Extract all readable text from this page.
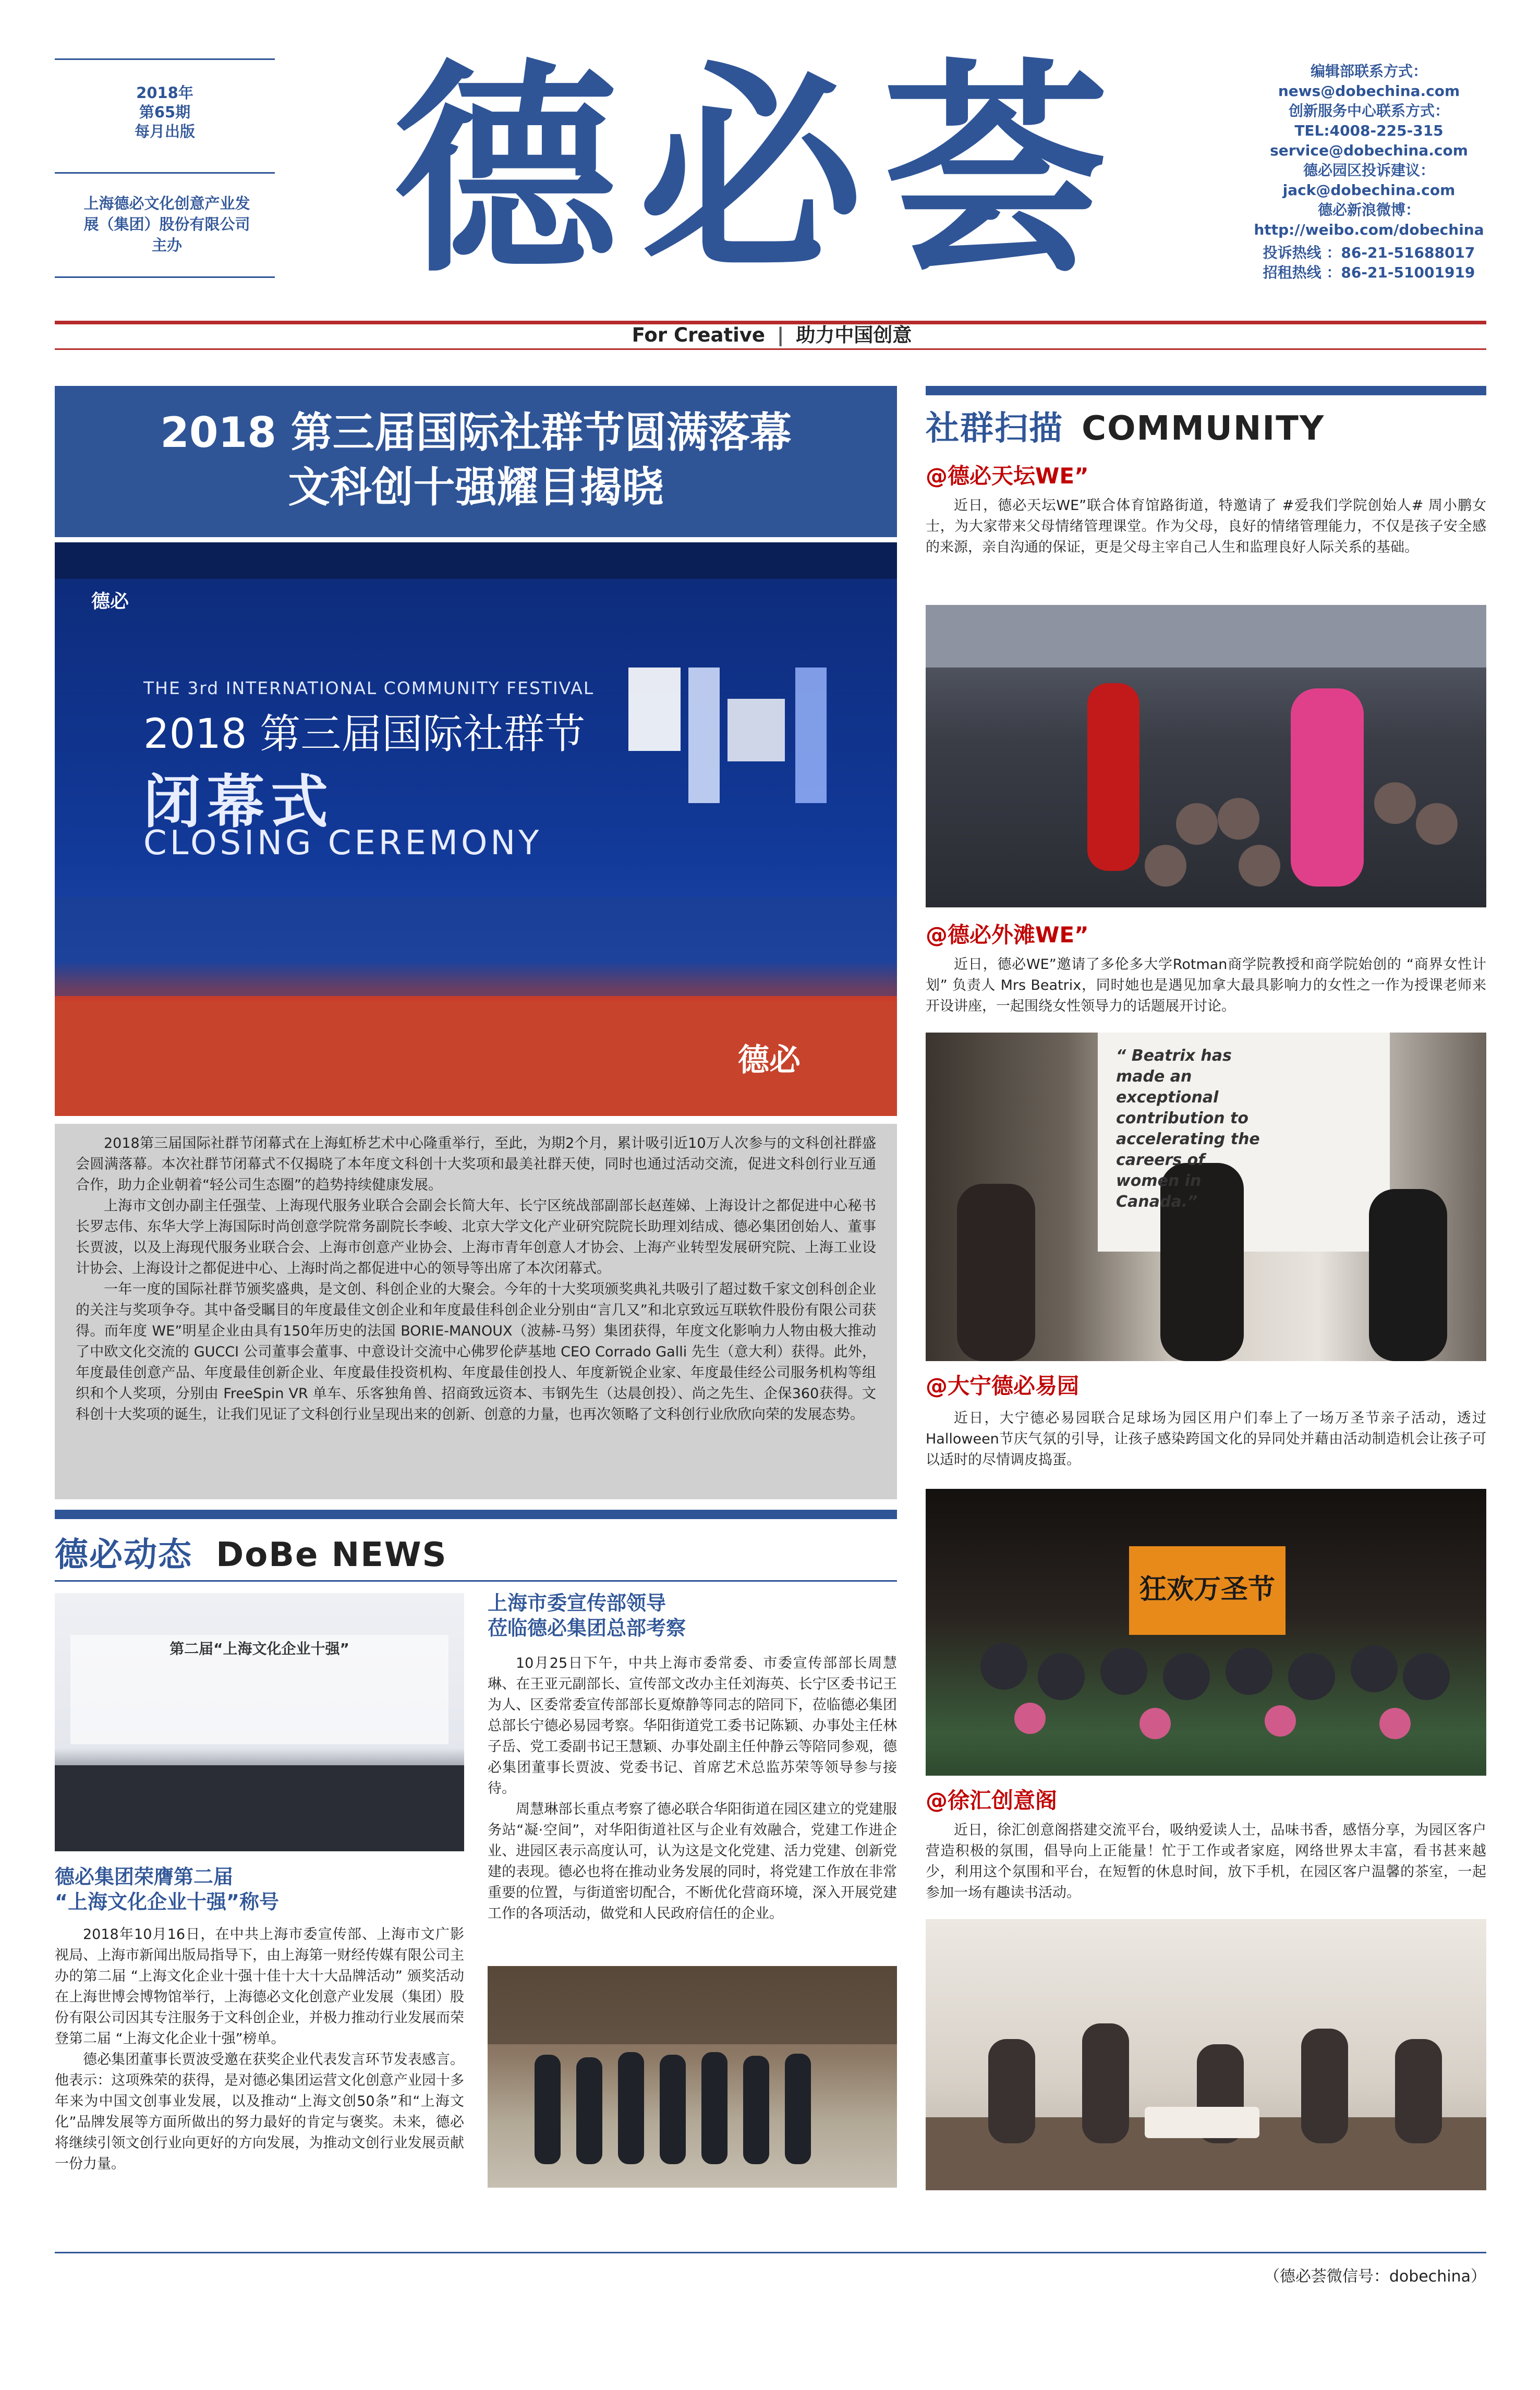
2018年
第65期
每月出版
上海德必文化创意产业发展（集团）股份有限公司主办 德必荟	编辑部联系方式：
news@dobechina.com
创新服务中心联系方式：
TEL:4008-225-315
service@dobechina.com
德必园区投诉建议：
jack@dobechina.com
德必新浪微博：
http://weibo.com/dobechina
投诉热线 ：86-21-51688017
招租热线 ：86-21-51001919
For Creative | 助力中国创意
2018 第三届国际社群节圆满落幕
文科创十强耀目揭晓
德必
THE 3rd INTERNATIONAL COMMUNITY FESTIVAL
2018 第三届国际社群节
闭幕式
CLOSING CEREMONY
德必

2018第三届国际社群节闭幕式在上海虹桥艺术中心隆重举行，至此，为期2个月，累计吸引近10万人次参与的文科创社群盛会圆满落幕。本次社群节闭幕式不仅揭晓了本年度文科创十大奖项和最美社群天使，同时也通过活动交流，促进文科创行业互通合作，助力企业朝着“轻公司生态圈”的趋势持续健康发展。

上海市文创办副主任强莹、上海现代服务业联合会副会长简大年、长宁区统战部副部长赵莲娣、上海设计之都促进中心秘书长罗志伟、东华大学上海国际时尚创意学院常务副院长李峻、北京大学文化产业研究院院长助理刘结成、德必集团创始人、董事长贾波，以及上海现代服务业联合会、上海市创意产业协会、上海市青年创意人才协会、上海产业转型发展研究院、上海工业设计协会、上海设计之都促进中心、上海时尚之都促进中心的领导等出席了本次闭幕式。

一年一度的国际社群节颁奖盛典，是文创、科创企业的大聚会。今年的十大奖项颁奖典礼共吸引了超过数千家文创科创企业的关注与奖项争夺。其中备受瞩目的年度最佳文创企业和年度最佳科创企业分别由“言几又”和北京致远互联软件股份有限公司获得。而年度 WE”明星企业由具有150年历史的法国 BORIE-MANOUX（波赫-马努）集团获得，年度文化影响力人物由极大推动了中欧文化交流的 GUCCI 公司董事会董事、中意设计交流中心佛罗伦萨基地 CEO Corrado Galli 先生（意大利）获得。此外，年度最佳创意产品、年度最佳创新企业、年度最佳投资机构、年度最佳创投人、年度新锐企业家、年度最佳经公司服务机构等组织和个人奖项，分别由 FreeSpin VR 单车、乐客独角兽、招商致远资本、韦钢先生（达晨创投）、尚之先生、企保360获得。文科创十大奖项的诞生，让我们见证了文科创行业呈现出来的创新、创意的力量，也再次领略了文科创行业欣欣向荣的发展态势。

德必动态 DoBe NEWS
第二届“上海文化企业十强”
德必集团荣膺第二届
“上海文化企业十强”称号

2018年10月16日，在中共上海市委宣传部、上海市文广影视局、上海市新闻出版局指导下，由上海第一财经传媒有限公司主办的第二届 “上海文化企业十强十佳十大十大品牌活动” 颁奖活动在上海世博会博物馆举行，上海德必文化创意产业发展（集团）股份有限公司因其专注服务于文科创企业，并极力推动行业发展而荣登第二届 “上海文化企业十强”榜单。

德必集团董事长贾波受邀在获奖企业代表发言环节发表感言。他表示：这项殊荣的获得，是对德必集团运营文化创意产业园十多年来为中国文创事业发展，以及推动“上海文创50条”和“上海文化”品牌发展等方面所做出的努力最好的肯定与褒奖。未来，德必将继续引领文创行业向更好的方向发展，为推动文创行业发展贡献一份力量。

上海市委宣传部领导
莅临德必集团总部考察

10月25日下午，中共上海市委常委、市委宣传部部长周慧琳、在王亚元副部长、宣传部文改办主任刘海英、长宁区委书记王为人、区委常委宣传部部长夏燎静等同志的陪同下，莅临德必集团总部长宁德必易园考察。华阳街道党工委书记陈颖、办事处主任林子岳、党工委副书记王慧颖、办事处副主任仲静云等陪同参观，德必集团董事长贾波、党委书记、首席艺术总监苏荣等领导参与接待。

周慧琳部长重点考察了德必联合华阳街道在园区建立的党建服务站“凝·空间”，对华阳街道社区与企业有效融合，党建工作进企业、进园区表示高度认可，认为这是文化党建、活力党建、创新党建的表现。德必也将在推动业务发展的同时，将党建工作放在非常重要的位置，与街道密切配合，不断优化营商环境，深入开展党建工作的各项活动，做党和人民政府信任的企业。

社群扫描 COMMUNITY
@德必天坛WE”

近日，德必天坛WE”联合体育馆路街道，特邀请了 #爱我们学院创始人# 周小鹏女士，为大家带来父母情绪管理课堂。作为父母，良好的情绪管理能力，不仅是孩子安全感的来源，亲自沟通的保证，更是父母主宰自己人生和监理良好人际关系的基础。

@德必外滩WE”

近日，德必WE”邀请了多伦多大学Rotman商学院教授和商学院始创的 “商界女性计划” 负责人 Mrs Beatrix，同时她也是遇见加拿大最具影响力的女性之一作为授课老师来开设讲座，一起围绕女性领导力的话题展开讨论。

“ Beatrix has made an exceptional contribution to accelerating the careers of women in Canada.”
@大宁德必易园

近日，大宁德必易园联合足球场为园区用户们奉上了一场万圣节亲子活动，透过Halloween节庆气氛的引导，让孩子感染跨国文化的异同处并藉由活动制造机会让孩子可以适时的尽情调皮捣蛋。

狂欢万圣节
@徐汇创意阁

近日，徐汇创意阁搭建交流平台，吸纳爱读人士，品味书香，感悟分享，为园区客户营造积极的氛围，倡导向上正能量！忙于工作或者家庭，网络世界太丰富，看书甚来越少，利用这个氛围和平台，在短暂的休息时间，放下手机，在园区客户温馨的茶室，一起参加一场有趣读书活动。

（德必荟微信号：dobechina）
